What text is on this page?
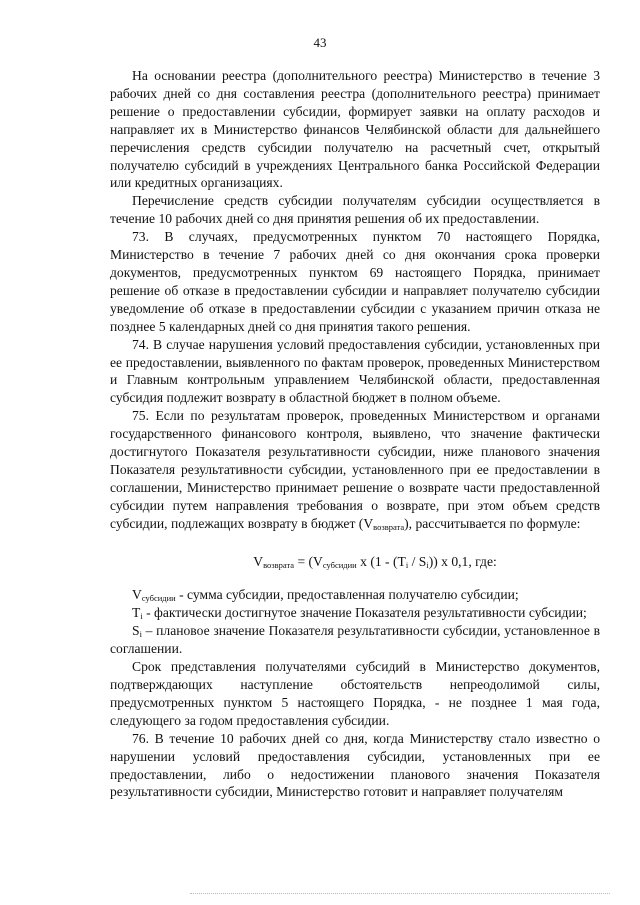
43

На основании реестра (дополнительного реестра) Министерство в течение 3 рабочих дней со дня составления реестра (дополнительного реестра) принимает решение о предоставлении субсидии, формирует заявки на оплату расходов и направляет их в Министерство финансов Челябинской области для дальнейшего перечисления средств субсидии получателю на расчетный счет, открытый получателю субсидий в учреждениях Центрального банка Российской Федерации или кредитных организациях.

Перечисление средств субсидии получателям субсидии осуществляется в течение 10 рабочих дней со дня принятия решения об их предоставлении.

73. В случаях, предусмотренных пунктом 70 настоящего Порядка, Министерство в течение 7 рабочих дней со дня окончания срока проверки документов, предусмотренных пунктом 69 настоящего Порядка, принимает решение об отказе в предоставлении субсидии и направляет получателю субсидии уведомление об отказе в предоставлении субсидии с указанием причин отказа не позднее 5 календарных дней со дня принятия такого решения.

74. В случае нарушения условий предоставления субсидии, установленных при ее предоставлении, выявленного по фактам проверок, проведенных Министерством и Главным контрольным управлением Челябинской области, предоставленная субсидия подлежит возврату в областной бюджет в полном объеме.

75. Если по результатам проверок, проведенных Министерством и органами государственного финансового контроля, выявлено, что значение фактически достигнутого Показателя результативности субсидии, ниже планового значения Показателя результативности субсидии, установленного при ее предоставлении в соглашении, Министерство принимает решение о возврате части предоставленной субсидии путем направления требования о возврате, при этом объем средств субсидии, подлежащих возврату в бюджет $(V_{возврата})$, рассчитывается по формуле:

$V_{возврата} = (V_{субсидии}$ x $(1 - (T_i / S_i))$ x 0,1, где:

$V_{субсидии}$ - сумма субсидии, предоставленная получателю субсидии;

$T_i$ - фактически достигнутое значение Показателя результативности субсидии;

$S_i$ – плановое значение Показателя результативности субсидии, установленное в соглашении.

Срок представления получателями субсидий в Министерство документов, подтверждающих наступление обстоятельств непреодолимой силы, предусмотренных пунктом 5 настоящего Порядка, - не позднее 1 мая года, следующего за годом предоставления субсидии.

76. В течение 10 рабочих дней со дня, когда Министерству стало известно о нарушении условий предоставления субсидии, установленных при ее предоставлении, либо о недостижении планового значения Показателя результативности субсидии, Министерство готовит и направляет получателям
